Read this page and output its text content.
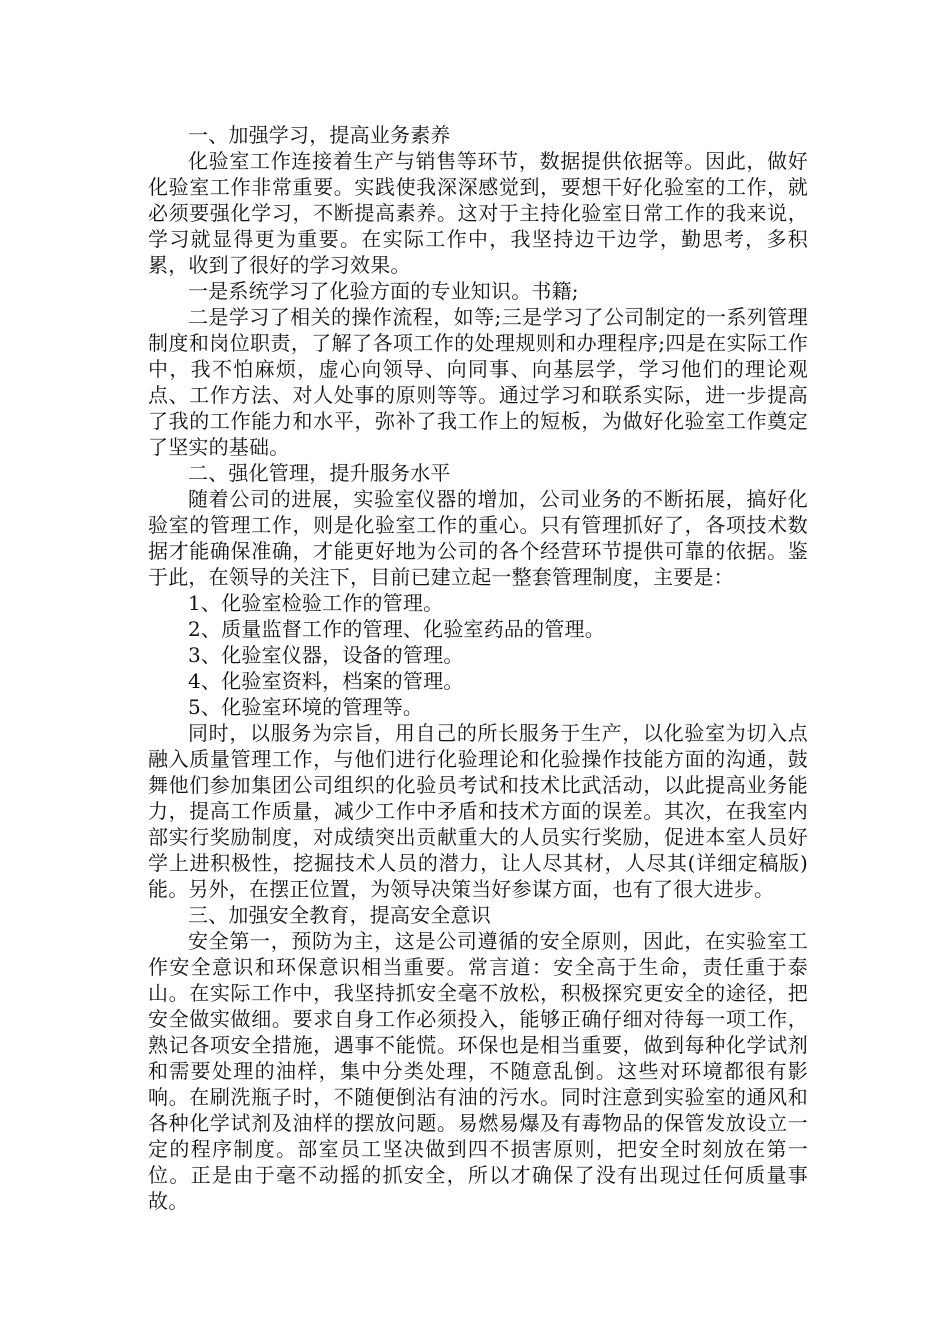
一、加强学习，提高业务素养

化验室工作连接着生产与销售等环节，数据提供依据等。因此，做好化验室工作非常重要。实践使我深深感觉到，要想干好化验室的工作，就必须要强化学习，不断提高素养。这对于主持化验室日常工作的我来说，学习就显得更为重要。在实际工作中，我坚持边干边学，勤思考，多积累，收到了很好的学习效果。

一是系统学习了化验方面的专业知识。书籍;

二是学习了相关的操作流程，如等;三是学习了公司制定的一系列管理制度和岗位职责，了解了各项工作的处理规则和办理程序;四是在实际工作中，我不怕麻烦，虚心向领导、向同事、向基层学，学习他们的理论观点、工作方法、对人处事的原则等等。通过学习和联系实际，进一步提高了我的工作能力和水平，弥补了我工作上的短板，为做好化验室工作奠定了坚实的基础。

二、强化管理，提升服务水平

随着公司的进展，实验室仪器的增加，公司业务的不断拓展，搞好化验室的管理工作，则是化验室工作的重心。只有管理抓好了，各项技术数据才能确保准确，才能更好地为公司的各个经营环节提供可靠的依据。鉴于此，在领导的关注下，目前已建立起一整套管理制度，主要是：

1、化验室检验工作的管理。

2、质量监督工作的管理、化验室药品的管理。

3、化验室仪器，设备的管理。

4、化验室资料，档案的管理。

5、化验室环境的管理等。

同时，以服务为宗旨，用自己的所长服务于生产，以化验室为切入点融入质量管理工作，与他们进行化验理论和化验操作技能方面的沟通，鼓舞他们参加集团公司组织的化验员考试和技术比武活动，以此提高业务能力，提高工作质量，减少工作中矛盾和技术方面的误差。其次，在我室内部实行奖励制度，对成绩突出贡献重大的人员实行奖励，促进本室人员好学上进积极性，挖掘技术人员的潜力，让人尽其材，人尽其(详细定稿版)能。另外，在摆正位置，为领导决策当好参谋方面，也有了很大进步。

三、加强安全教育，提高安全意识

安全第一，预防为主，这是公司遵循的安全原则，因此，在实验室工作安全意识和环保意识相当重要。常言道：安全高于生命，责任重于泰山。在实际工作中，我坚持抓安全毫不放松，积极探究更安全的途径，把安全做实做细。要求自身工作必须投入，能够正确仔细对待每一项工作，熟记各项安全措施，遇事不能慌。环保也是相当重要，做到每种化学试剂和需要处理的油样，集中分类处理，不随意乱倒。这些对环境都很有影响。在刷洗瓶子时，不随便倒沾有油的污水。同时注意到实验室的通风和各种化学试剂及油样的摆放问题。易燃易爆及有毒物品的保管发放设立一定的程序制度。部室员工坚决做到四不损害原则，把安全时刻放在第一位。正是由于毫不动摇的抓安全，所以才确保了没有出现过任何质量事故。
